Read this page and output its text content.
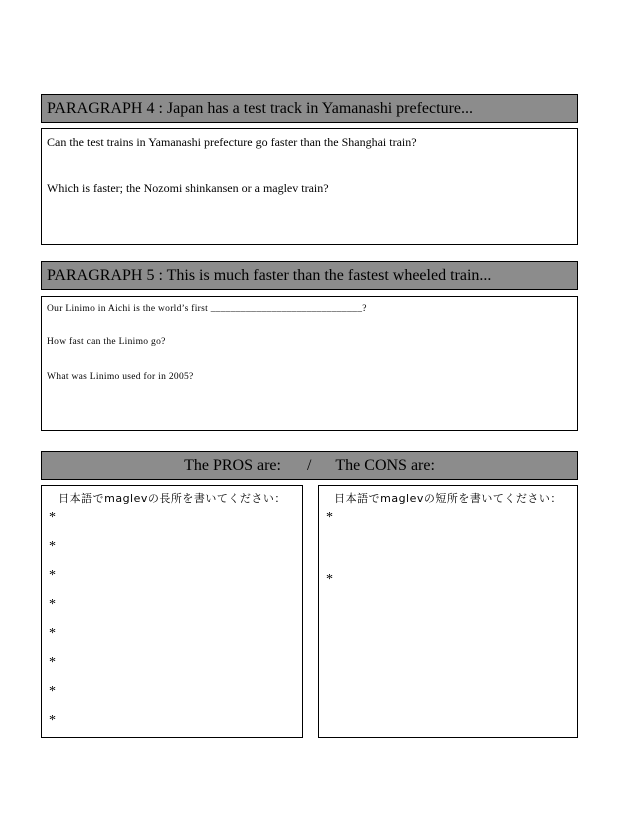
PARAGRAPH 4 : Japan has a test track in Yamanashi prefecture...
Can the test trains in Yamanashi prefecture go faster than the Shanghai train?
Which is faster; the Nozomi shinkansen or a maglev train?
PARAGRAPH 5 : This is much faster than the fastest wheeled train...
Our Linimo in Aichi is the world’s first ______________________________?
How fast can the Linimo go?
What was Linimo used for in 2005?
The PROS are: / The CONS are:
日本語でmaglevの長所を書いてください：
*
*
*
*
*
*
*
*
日本語でmaglevの短所を書いてください：
*
*
